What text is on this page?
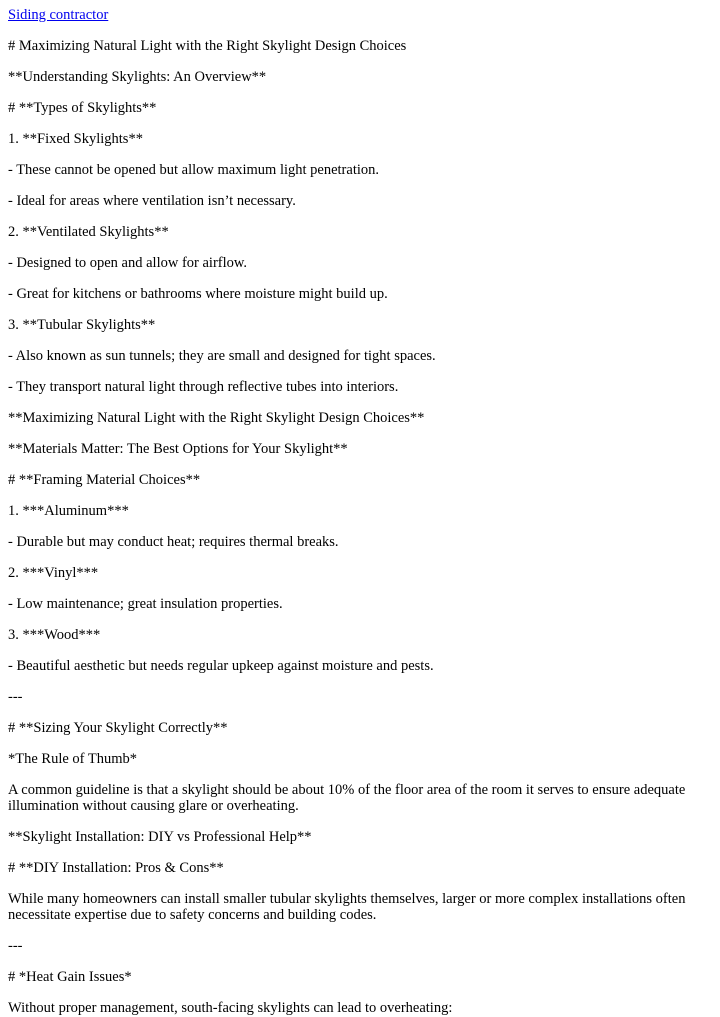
Siding contractor

# Maximizing Natural Light with the Right Skylight Design Choices

**Understanding Skylights: An Overview**

# **Types of Skylights**

1. **Fixed Skylights**

- These cannot be opened but allow maximum light penetration.

- Ideal for areas where ventilation isn’t necessary.

2. **Ventilated Skylights**

- Designed to open and allow for airflow.

- Great for kitchens or bathrooms where moisture might build up.

3. **Tubular Skylights**

- Also known as sun tunnels; they are small and designed for tight spaces.

- They transport natural light through reflective tubes into interiors.

**Maximizing Natural Light with the Right Skylight Design Choices**

**Materials Matter: The Best Options for Your Skylight**

# **Framing Material Choices**

1. ***Aluminum***

- Durable but may conduct heat; requires thermal breaks.

2. ***Vinyl***

- Low maintenance; great insulation properties.

3. ***Wood***

- Beautiful aesthetic but needs regular upkeep against moisture and pests.

---

# **Sizing Your Skylight Correctly**

*The Rule of Thumb*

A common guideline is that a skylight should be about 10% of the floor area of the room it serves to ensure adequate illumination without causing glare or overheating.

**Skylight Installation: DIY vs Professional Help**

# **DIY Installation: Pros & Cons**

While many homeowners can install smaller tubular skylights themselves, larger or more complex installations often necessitate expertise due to safety concerns and building codes.

---

# *Heat Gain Issues*

Without proper management, south-facing skylights can lead to overheating:
